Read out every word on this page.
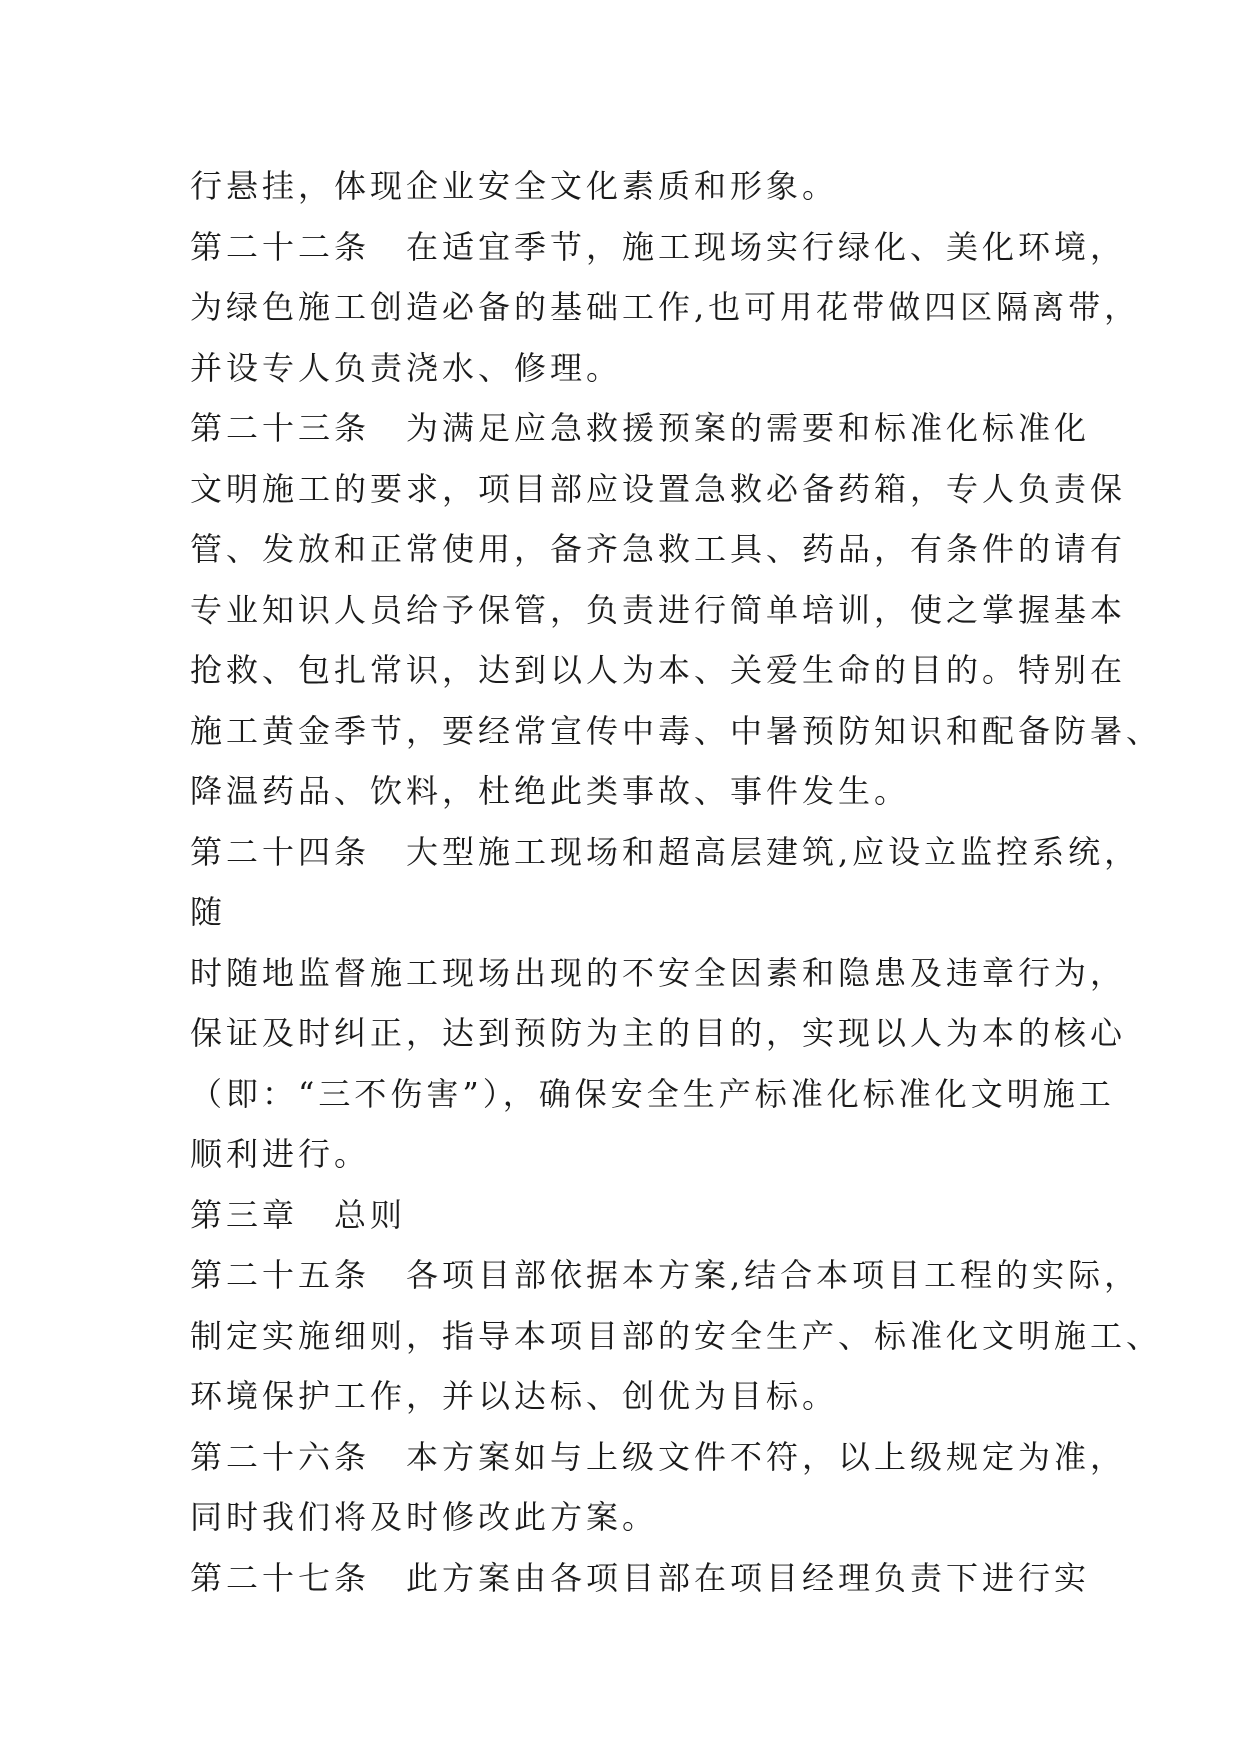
行悬挂，体现企业安全文化素质和形象。
第二十二条　在适宜季节，施工现场实行绿化、美化环境，
为绿色施工创造必备的基础工作,也可用花带做四区隔离带，
并设专人负责浇水、修理。
第二十三条　为满足应急救援预案的需要和标准化标准化
文明施工的要求，项目部应设置急救必备药箱，专人负责保
管、发放和正常使用，备齐急救工具、药品，有条件的请有
专业知识人员给予保管，负责进行简单培训，使之掌握基本
抢救、包扎常识，达到以人为本、关爱生命的目的。特别在
施工黄金季节，要经常宣传中毒、中暑预防知识和配备防暑、
降温药品、饮料，杜绝此类事故、事件发生。
第二十四条　大型施工现场和超高层建筑,应设立监控系统，
随
时随地监督施工现场出现的不安全因素和隐患及违章行为，
保证及时纠正，达到预防为主的目的，实现以人为本的核心
（即：“三不伤害”），确保安全生产标准化标准化文明施工
顺利进行。
第三章　总则
第二十五条　各项目部依据本方案,结合本项目工程的实际，
制定实施细则，指导本项目部的安全生产、标准化文明施工、
环境保护工作，并以达标、创优为目标。
第二十六条　本方案如与上级文件不符，以上级规定为准，
同时我们将及时修改此方案。
第二十七条　此方案由各项目部在项目经理负责下进行实
